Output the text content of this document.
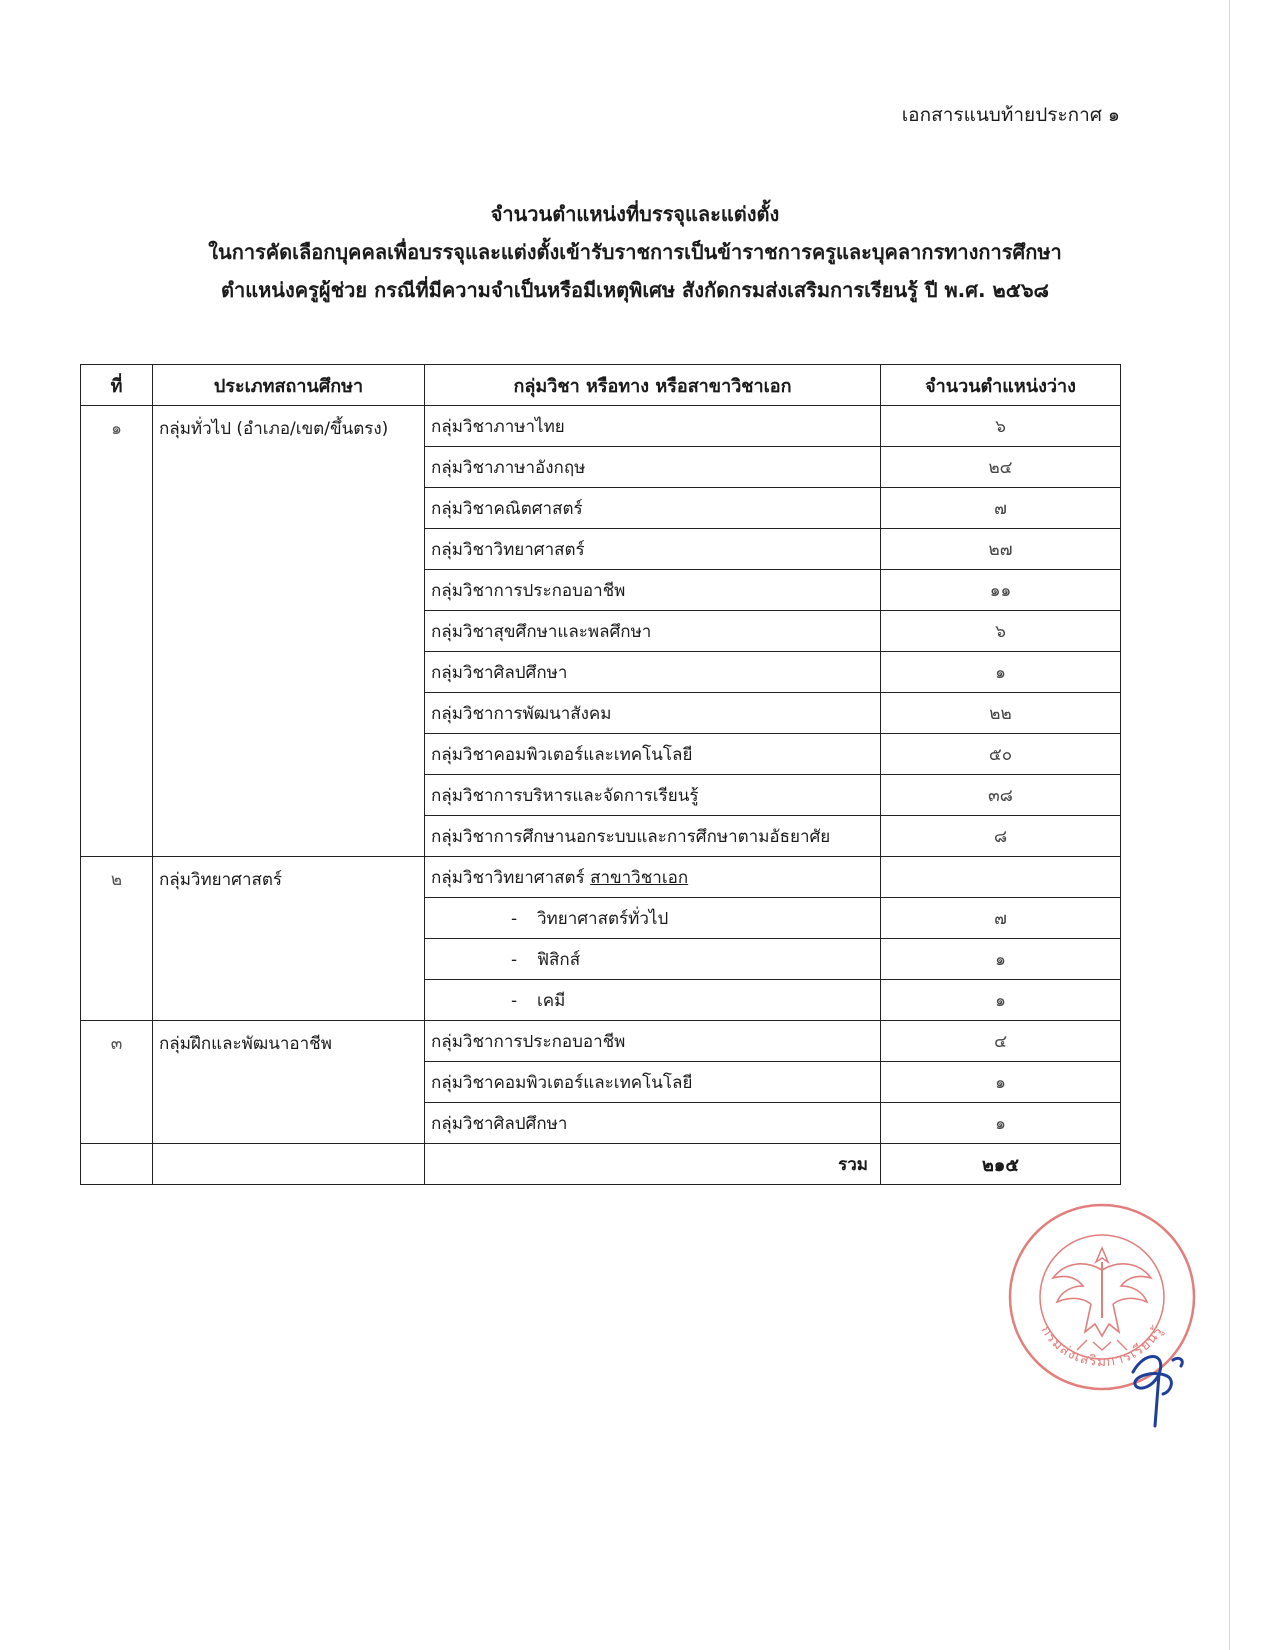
เอกสารแนบท้ายประกาศ ๑
จำนวนตำแหน่งที่บรรจุและแต่งตั้ง
ในการคัดเลือกบุคคลเพื่อบรรจุและแต่งตั้งเข้ารับราชการเป็นข้าราชการครูและบุคลากรทางการศึกษา
ตำแหน่งครูผู้ช่วย กรณีที่มีความจำเป็นหรือมีเหตุพิเศษ สังกัดกรมส่งเสริมการเรียนรู้ ปี พ.ศ. ๒๕๖๘
ที่	ประเภทสถานศึกษา	กลุ่มวิชา หรือทาง หรือสาขาวิชาเอก	จำนวนตำแหน่งว่าง
๑	กลุ่มทั่วไป (อำเภอ/เขต/ขึ้นตรง)	กลุ่มวิชาภาษาไทย	๖
		กลุ่มวิชาภาษาอังกฤษ	๒๔
		กลุ่มวิชาคณิตศาสตร์	๗
		กลุ่มวิชาวิทยาศาสตร์	๒๗
		กลุ่มวิชาการประกอบอาชีพ	๑๑
		กลุ่มวิชาสุขศึกษาและพลศึกษา	๖
		กลุ่มวิชาศิลปศึกษา	๑
		กลุ่มวิชาการพัฒนาสังคม	๒๒
		กลุ่มวิชาคอมพิวเตอร์และเทคโนโลยี	๕๐
		กลุ่มวิชาการบริหารและจัดการเรียนรู้	๓๘
		กลุ่มวิชาการศึกษานอกระบบและการศึกษาตามอัธยาศัย	๘
๒	กลุ่มวิทยาศาสตร์	กลุ่มวิชาวิทยาศาสตร์ สาขาวิชาเอก	
		- วิทยาศาสตร์ทั่วไป	๗
		- ฟิสิกส์	๑
		- เคมี	๑
๓	กลุ่มฝึกและพัฒนาอาชีพ	กลุ่มวิชาการประกอบอาชีพ	๔
		กลุ่มวิชาคอมพิวเตอร์และเทคโนโลยี	๑
		กลุ่มวิชาศิลปศึกษา	๑
		รวม	๒๑๕
กรมส่งเสริมการเรียนรู้
